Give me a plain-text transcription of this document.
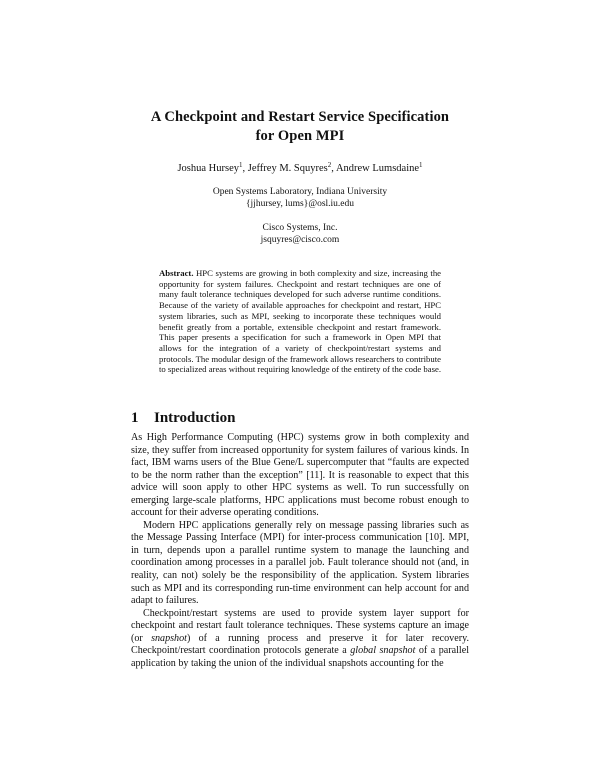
A Checkpoint and Restart Service Specification
for Open MPI
Joshua Hursey$^1$, Jeffrey M. Squyres$^2$, Andrew Lumsdaine$^1$
Open Systems Laboratory, Indiana University
{jjhursey, lums}@osl.iu.edu
Cisco Systems, Inc.
jsquyres@cisco.com
Abstract. HPC systems are growing in both complexity and size, increasing the opportunity for system failures. Checkpoint and restart techniques are one of many fault tolerance techniques developed for such adverse runtime conditions. Because of the variety of available approaches for checkpoint and restart, HPC system libraries, such as MPI, seeking to incorporate these techniques would benefit greatly from a portable, extensible checkpoint and restart framework. This paper presents a specification for such a framework in Open MPI that allows for the integration of a variety of checkpoint/restart systems and protocols. The modular design of the framework allows researchers to contribute to specialized areas without requiring knowledge of the entirety of the code base.
1 Introduction

As High Performance Computing (HPC) systems grow in both complexity and size, they suffer from increased opportunity for system failures of various kinds. In fact, IBM warns users of the Blue Gene/L supercomputer that “faults are expected to be the norm rather than the exception” [11]. It is reasonable to expect that this advice will soon apply to other HPC systems as well. To run successfully on emerging large-scale platforms, HPC applications must become robust enough to account for their adverse operating conditions.

Modern HPC applications generally rely on message passing libraries such as the Message Passing Interface (MPI) for inter-process communication [10]. MPI, in turn, depends upon a parallel runtime system to manage the launching and coordination among processes in a parallel job. Fault tolerance should not (and, in reality, can not) solely be the responsibility of the application. System libraries such as MPI and its corresponding run-time environment can help account for and adapt to failures.

Checkpoint/restart systems are used to provide system layer support for checkpoint and restart fault tolerance techniques. These systems capture an image (or snapshot) of a running process and preserve it for later recovery. Checkpoint/restart coordination protocols generate a global snapshot of a parallel application by taking the union of the individual snapshots accounting for the
